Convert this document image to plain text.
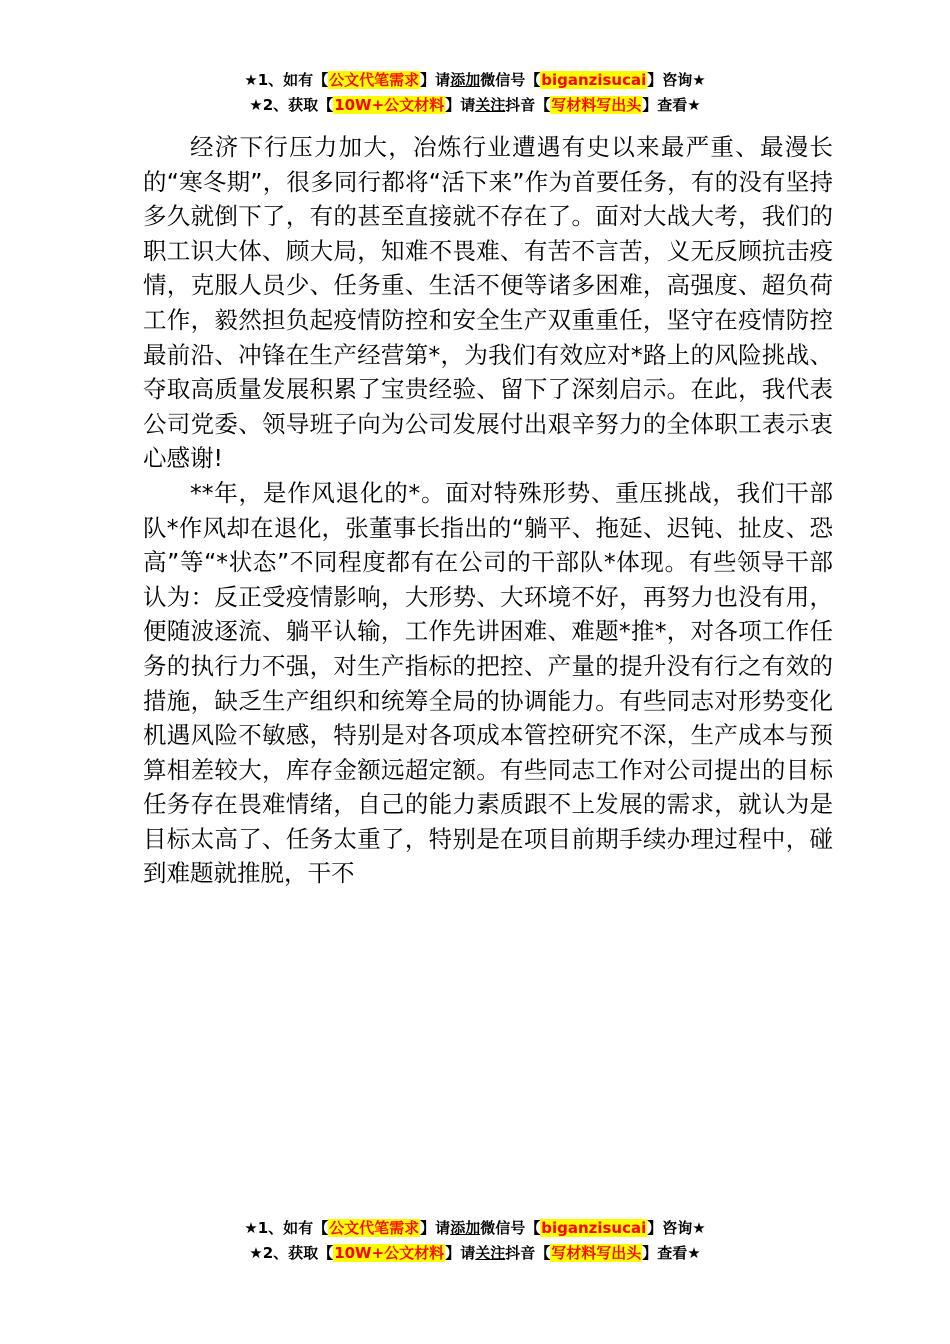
★1、如有【公文代笔需求】请添加微信号【biganzisucai】咨询★
★2、获取【10W+公文材料】请关注抖音【写材料写出头】查看★

经济下行压力加大，冶炼行业遭遇有史以来最严重、最漫长的“寒冬期”，很多同行都将“活下来”作为首要任务，有的没有坚持多久就倒下了，有的甚至直接就不存在了。面对大战大考，我们的职工识大体、顾大局，知难不畏难、有苦不言苦，义无反顾抗击疫情，克服人员少、任务重、生活不便等诸多困难，高强度、超负荷工作，毅然担负起疫情防控和安全生产双重重任，坚守在疫情防控最前沿、冲锋在生产经营第*，为我们有效应对*路上的风险挑战、夺取高质量发展积累了宝贵经验、留下了深刻启示。在此，我代表公司党委、领导班子向为公司发展付出艰辛努力的全体职工表示衷心感谢!

**年，是作风退化的*。面对特殊形势、重压挑战，我们干部队*作风却在退化，张董事长指出的“躺平、拖延、迟钝、扯皮、恐高”等“*状态”不同程度都有在公司的干部队*体现。有些领导干部认为：反正受疫情影响，大形势、大环境不好，再努力也没有用，便随波逐流、躺平认输，工作先讲困难、难题*推*，对各项工作任务的执行力不强，对生产指标的把控、产量的提升没有行之有效的措施，缺乏生产组织和统筹全局的协调能力。有些同志对形势变化机遇风险不敏感，特别是对各项成本管控研究不深，生产成本与预算相差较大，库存金额远超定额。有些同志工作对公司提出的目标任务存在畏难情绪，自己的能力素质跟不上发展的需求，就认为是目标太高了、任务太重了，特别是在项目前期手续办理过程中，碰到难题就推脱，干不

★1、如有【公文代笔需求】请添加微信号【biganzisucai】咨询★
★2、获取【10W+公文材料】请关注抖音【写材料写出头】查看★
